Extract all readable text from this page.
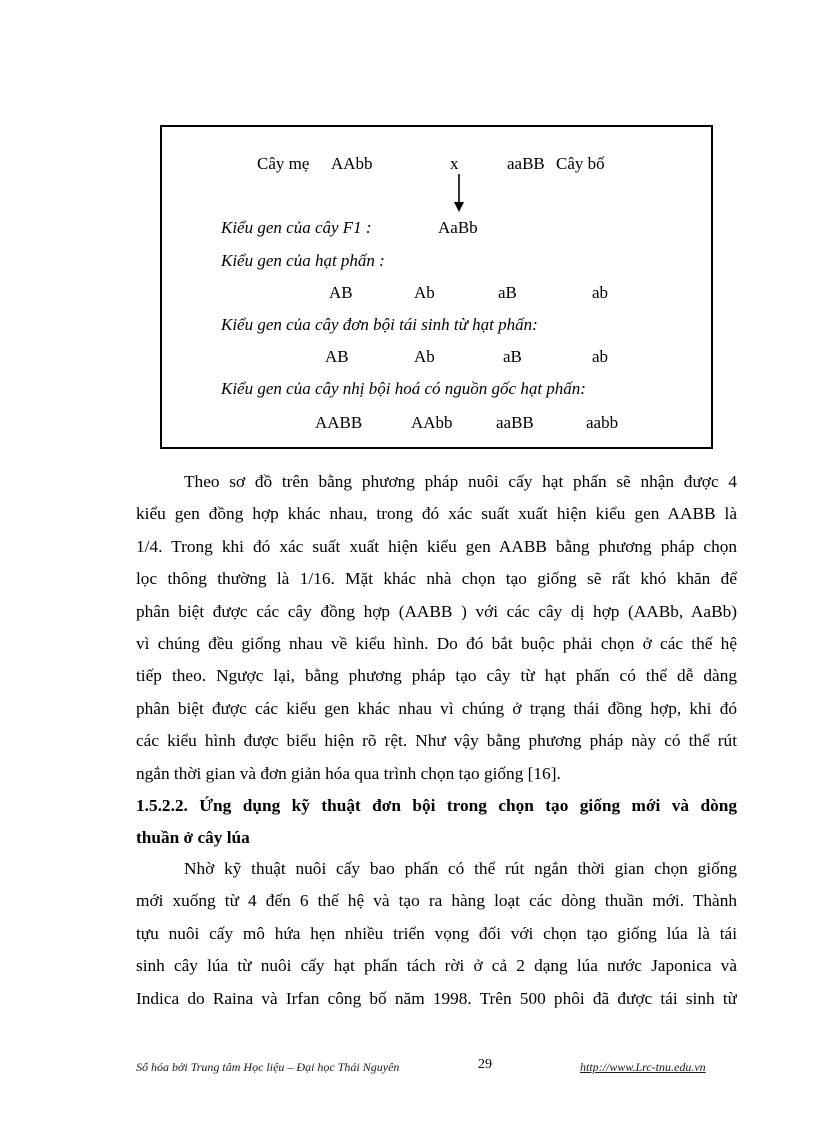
Cây mẹ AAbb	x	aaBB Cây bố
Kiểu gen của cây F1 :	AaBb
Kiểu gen của hạt phấn :
AB	Ab	aB	ab
Kiểu gen của cây đơn bội tái sinh từ hạt phấn:
AB	Ab	aB	ab
Kiểu gen của cây nhị bội hoá có nguồn gốc hạt phấn:
AABB	AAbb	aaBB	aabb
Theo sơ đồ trên bằng phương pháp nuôi cấy hạt phấn sẽ nhận được 4
kiểu gen đồng hợp khác nhau, trong đó xác suất xuất hiện kiểu gen AABB là
1/4. Trong khi đó xác suất xuất hiện kiểu gen AABB bằng phương pháp chọn
lọc thông thường là 1/16. Mặt khác nhà chọn tạo giống sẽ rất khó khăn để
phân biệt được các cây đồng hợp (AABB ) với các cây dị hợp (AABb, AaBb)
vì chúng đều giống nhau về kiểu hình. Do đó bắt buộc phải chọn ở các thế hệ
tiếp theo. Ngược lại, bằng phương pháp tạo cây từ hạt phấn có thể dễ dàng
phân biệt được các kiểu gen khác nhau vì chúng ở trạng thái đồng hợp, khi đó
các kiểu hình được biểu hiện rõ rệt. Như vậy bằng phương pháp này có thể rút
ngắn thời gian và đơn giản hóa qua trình chọn tạo giống [16].
1.5.2.2. Ứng dụng kỹ thuật đơn bội trong chọn tạo giống mới và dòng
thuần ở cây lúa
Nhờ kỹ thuật nuôi cấy bao phấn có thể rút ngắn thời gian chọn giống
mới xuống từ 4 đến 6 thế hệ và tạo ra hàng loạt các dòng thuần mới. Thành
tựu nuôi cấy mô hứa hẹn nhiều triển vọng đối với chọn tạo giống lúa là tái
sinh cây lúa từ nuôi cấy hạt phấn tách rời ở cả 2 dạng lúa nước Japonica và
Indica do Raina và Irfan công bố năm 1998. Trên 500 phôi đã được tái sinh từ
Số hóa bởi Trung tâm Học liệu – Đại học Thái Nguyên	29	http://www.Lrc-tnu.edu.vn
